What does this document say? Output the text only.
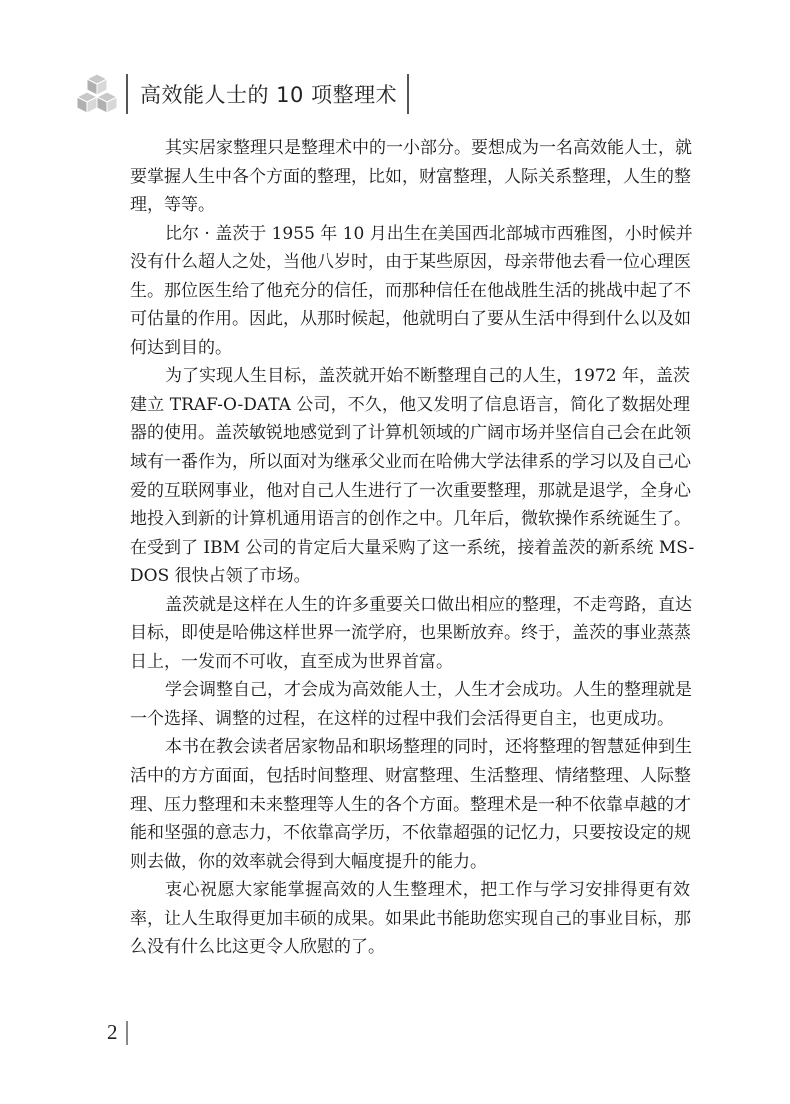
高效能人士的 10 项整理术
其实居家整理只是整理术中的一小部分。要想成为一名高效能人士，就
要掌握人生中各个方面的整理，比如，财富整理，人际关系整理，人生的整
理，等等。
比尔 · 盖茨于 1955 年 10 月出生在美国西北部城市西雅图，小时候并
没有什么超人之处，当他八岁时，由于某些原因，母亲带他去看一位心理医
生。那位医生给了他充分的信任，而那种信任在他战胜生活的挑战中起了不
可估量的作用。因此，从那时候起，他就明白了要从生活中得到什么以及如
何达到目的。
为了实现人生目标，盖茨就开始不断整理自己的人生，1972 年，盖茨
建立 TRAF-O-DATA 公司，不久，他又发明了信息语言，简化了数据处理
器的使用。盖茨敏锐地感觉到了计算机领域的广阔市场并坚信自己会在此领
域有一番作为，所以面对为继承父业而在哈佛大学法律系的学习以及自己心
爱的互联网事业，他对自己人生进行了一次重要整理，那就是退学，全身心
地投入到新的计算机通用语言的创作之中。几年后，微软操作系统诞生了。
在受到了 IBM 公司的肯定后大量采购了这一系统，接着盖茨的新系统 MS-
DOS 很快占领了市场。
盖茨就是这样在人生的许多重要关口做出相应的整理，不走弯路，直达
目标，即使是哈佛这样世界一流学府，也果断放弃。终于，盖茨的事业蒸蒸
日上，一发而不可收，直至成为世界首富。
学会调整自己，才会成为高效能人士，人生才会成功。人生的整理就是
一个选择、调整的过程，在这样的过程中我们会活得更自主，也更成功。
本书在教会读者居家物品和职场整理的同时，还将整理的智慧延伸到生
活中的方方面面，包括时间整理、财富整理、生活整理、情绪整理、人际整
理、压力整理和未来整理等人生的各个方面。整理术是一种不依靠卓越的才
能和坚强的意志力，不依靠高学历，不依靠超强的记忆力，只要按设定的规
则去做，你的效率就会得到大幅度提升的能力。
衷心祝愿大家能掌握高效的人生整理术，把工作与学习安排得更有效
率，让人生取得更加丰硕的成果。如果此书能助您实现自己的事业目标，那
么没有什么比这更令人欣慰的了。
2
